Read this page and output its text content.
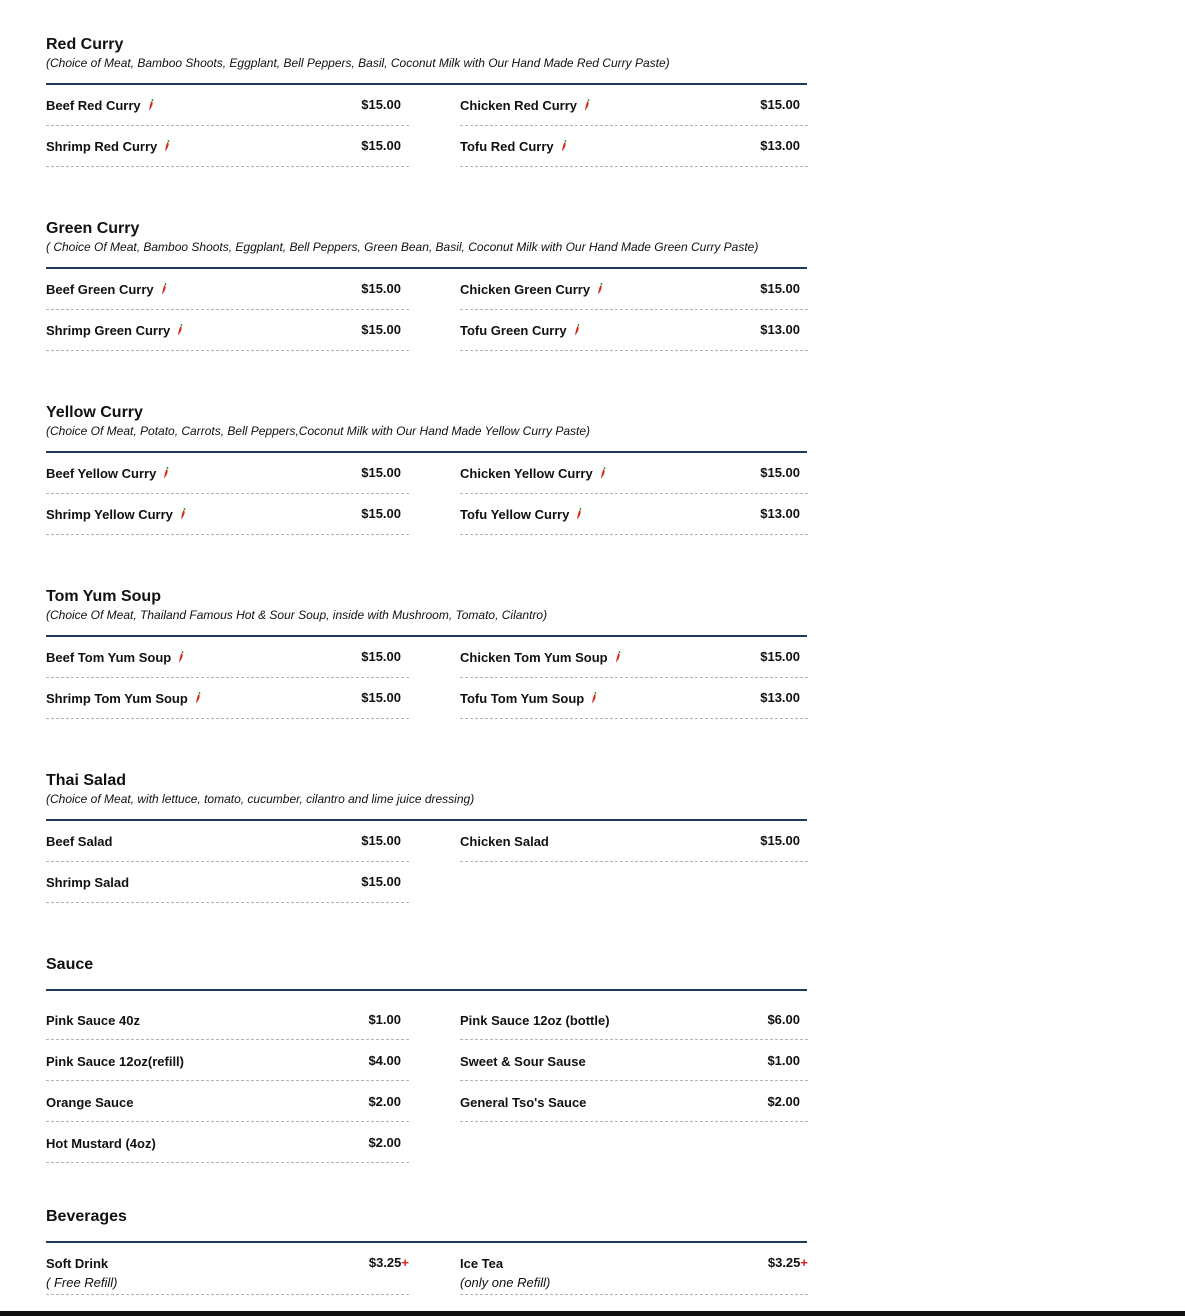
Red Curry
(Choice of Meat, Bamboo Shoots, Eggplant, Bell Peppers, Basil, Coconut Milk with Our Hand Made Red Curry Paste)
Beef Red Curry	$15.00	Chicken Red Curry	$15.00
Shrimp Red Curry	$15.00	Tofu Red Curry	$13.00
Green Curry
( Choice Of Meat, Bamboo Shoots, Eggplant, Bell Peppers, Green Bean, Basil, Coconut Milk with Our Hand Made Green Curry Paste)
Beef Green Curry	$15.00	Chicken Green Curry	$15.00
Shrimp Green Curry	$15.00	Tofu Green Curry	$13.00
Yellow Curry
(Choice Of Meat, Potato, Carrots, Bell Peppers,Coconut Milk with Our Hand Made Yellow Curry Paste)
Beef Yellow Curry	$15.00	Chicken Yellow Curry	$15.00
Shrimp Yellow Curry	$15.00	Tofu Yellow Curry	$13.00
Tom Yum Soup
(Choice Of Meat, Thailand Famous Hot & Sour Soup, inside with Mushroom, Tomato, Cilantro)
Beef Tom Yum Soup	$15.00	Chicken Tom Yum Soup	$15.00
Shrimp Tom Yum Soup	$15.00	Tofu Tom Yum Soup	$13.00
Thai Salad
(Choice of Meat, with lettuce, tomato, cucumber, cilantro and lime juice dressing)
Beef Salad	$15.00	Chicken Salad	$15.00
Shrimp Salad	$15.00
Sauce
Pink Sauce 40z	$1.00	Pink Sauce 12oz (bottle)	$6.00
Pink Sauce 12oz(refill)	$4.00	Sweet & Sour Sause	$1.00
Orange Sauce	$2.00	General Tso's Sauce	$2.00
Hot Mustard (4oz)	$2.00
Beverages
Soft Drink	$3.25+
( Free Refill)
Ice Tea	$3.25+
(only one Refill)
